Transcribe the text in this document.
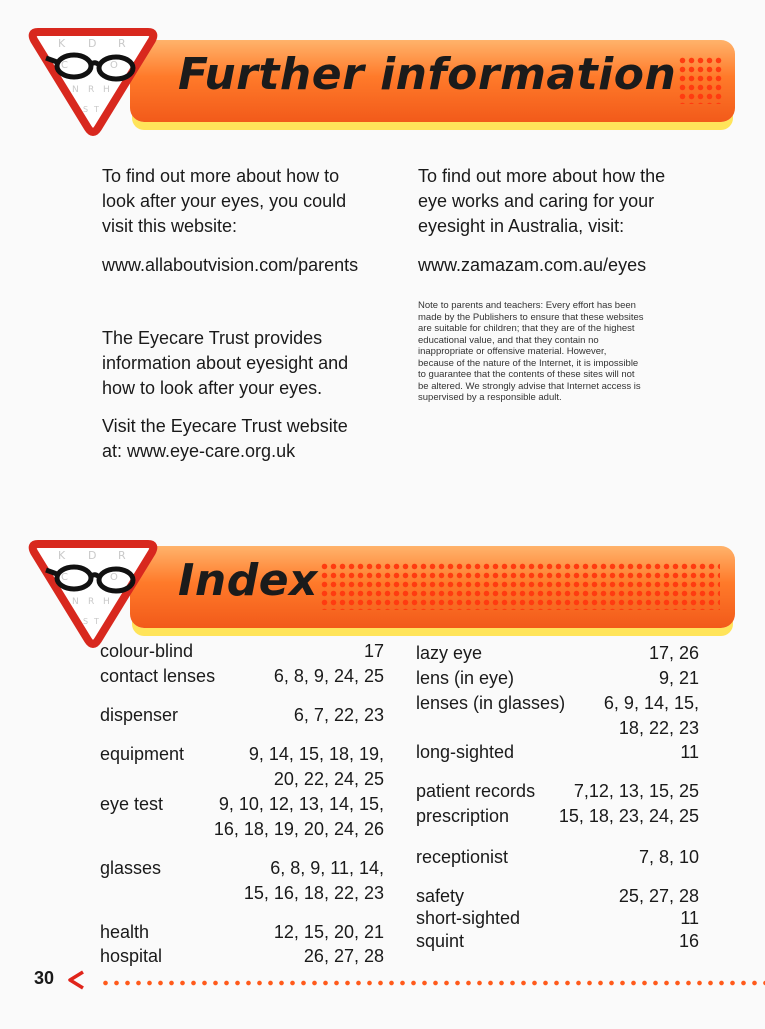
Further information
K D R
C T O
N R H
S T
To find out more about how to
look after your eyes, you could
visit this website:
www.allaboutvision.com/parents
The Eyecare Trust provides
information about eyesight and
how to look after your eyes.
Visit the Eyecare Trust website
at: www.eye-care.org.uk
To find out more about how the
eye works and caring for your
eyesight in Australia, visit:
www.zamazam.com.au/eyes
Note to parents and teachers: Every effort has been
made by the Publishers to ensure that these websites
are suitable for children; that they are of the highest
educational value, and that they contain no
inappropriate or offensive material. However,
because of the nature of the Internet, it is impossible
to guarantee that the contents of these sites will not
be altered. We strongly advise that Internet access is
supervised by a responsible adult.
Index
K D R
C T O
N R H
S T
colour-blind	17
contact lenses	6, 8, 9, 24, 25
dispenser	6, 7, 22, 23
equipment	9, 14, 15, 18, 19,
20, 22, 24, 25
eye test	9, 10, 12, 13, 14, 15,
16, 18, 19, 20, 24, 26
glasses	6, 8, 9, 11, 14,
15, 16, 18, 22, 23
health	12, 15, 20, 21
hospital	26, 27, 28
lazy eye	17, 26
lens (in eye)	9, 21
lenses (in glasses) 6, 9, 14, 15,
18, 22, 23
long-sighted	11
patient records 7,12, 13, 15, 25
prescription	15, 18, 23, 24, 25
receptionist	7, 8, 10
safety	25, 27, 28
short-sighted	11
squint	16
30
